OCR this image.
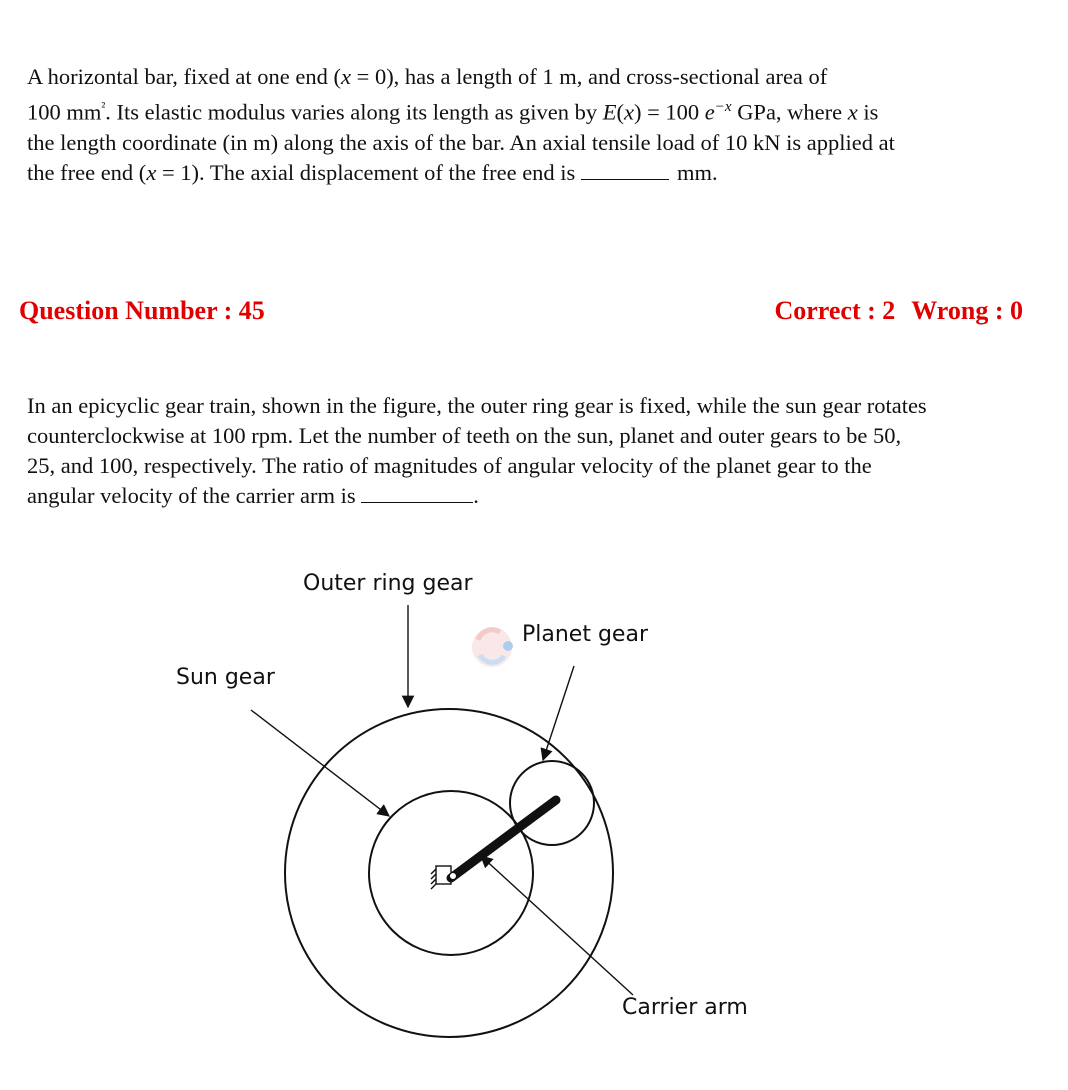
A horizontal bar, fixed at one end (x = 0), has a length of 1 m, and cross-sectional area of
100 $mm^{^2}$. Its elastic modulus varies along its length as given by E(x) = 100 $e^{-x}$ GPa, where x is
the length coordinate (in m) along the axis of the bar. An axial tensile load of 10 kN is applied at
the free end (x = 1). The axial displacement of the free end is	mm.
Question Number : 45	Correct : 2 Wrong : 0
In an epicyclic gear train, shown in the figure, the outer ring gear is fixed, while the sun gear rotates
counterclockwise at 100 rpm. Let the number of teeth on the sun, planet and outer gears to be 50,
25, and 100, respectively. The ratio of magnitudes of angular velocity of the planet gear to the
angular velocity of the carrier arm is	.
Outer ring gear
Planet gear
Sun gear
Carrier arm
